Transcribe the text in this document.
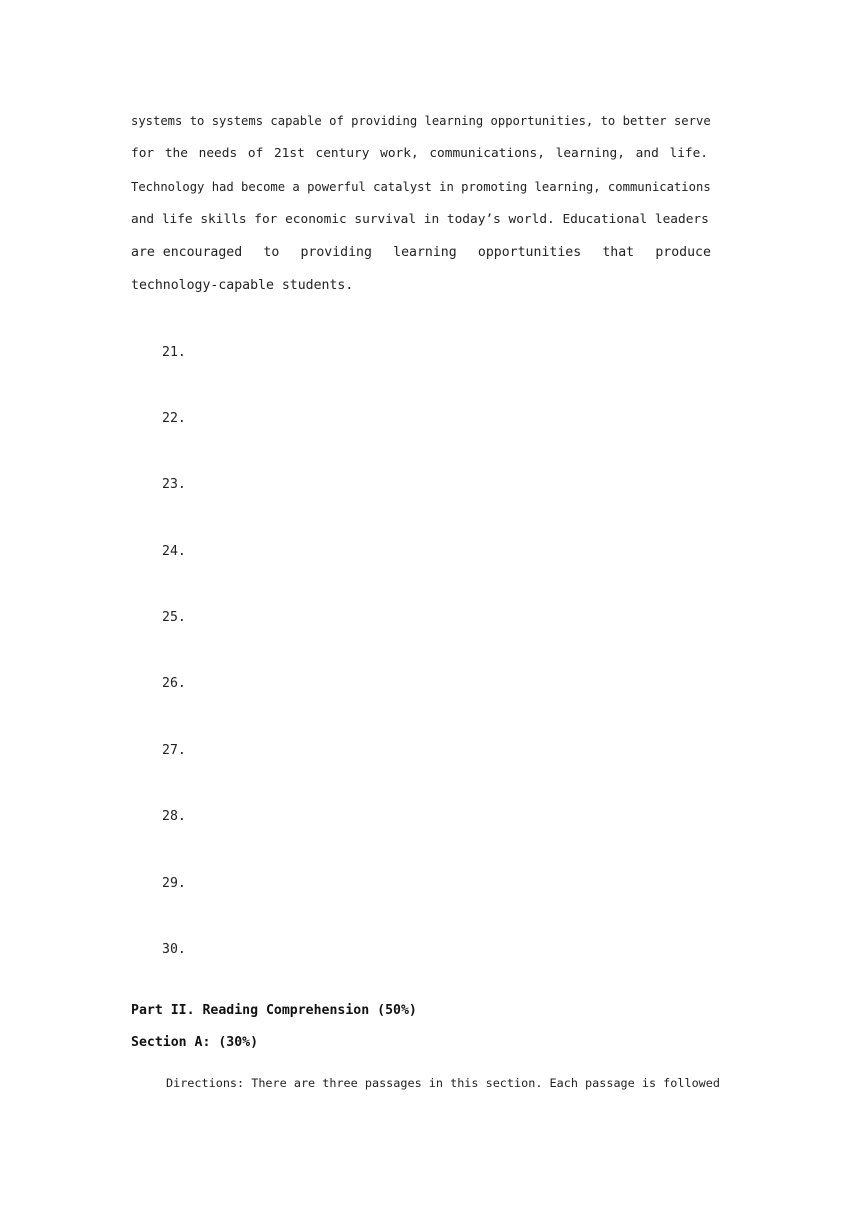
systems to systems capable of providing learning opportunities, to better serve
for the needs of 21st century work, communications, learning, and life.
Technology had become a powerful catalyst in promoting learning, communications
and life skills for economic survival in today’s world. Educational leaders
are encouraged to providing learning opportunities that produce
technology-capable students.
21.
22.
23.
24.
25.
26.
27.
28.
29.
30.
Part II. Reading Comprehension (50%)
Section A: (30%)
Directions: There are three passages in this section. Each passage is followed
